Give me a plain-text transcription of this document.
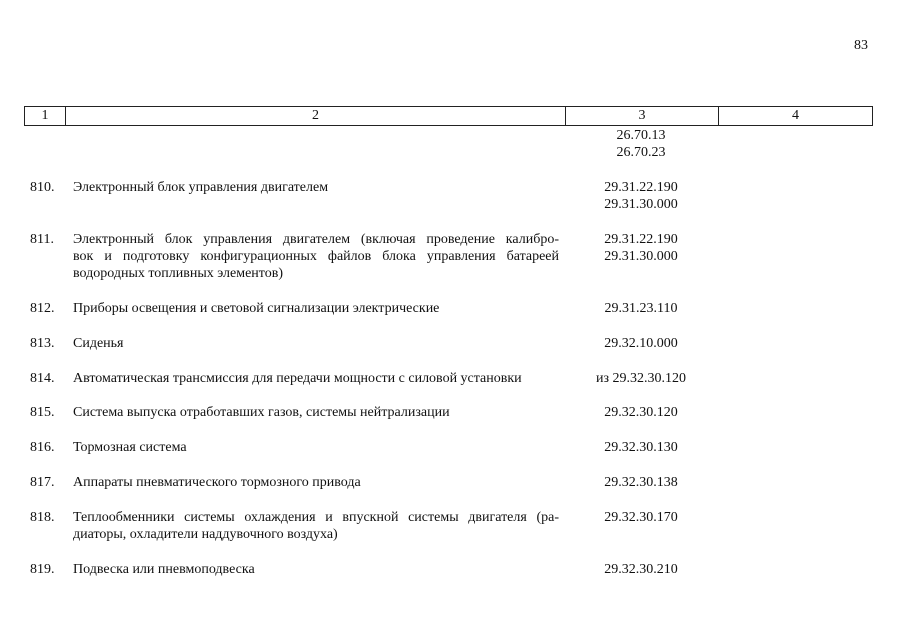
83
1	2	3	4
26.70.13
26.70.23
810.	Электронный блок управления двигателем	29.31.22.190
29.31.30.000
811.	Электронный блок управления двигателем (включая проведение калибро-
вок и подготовку конфигурационных файлов блока управления батареей
водородных топливных элементов)
29.31.22.190
29.31.30.000
812.	Приборы освещения и световой сигнализации электрические	29.31.23.110
813.	Сиденья	29.32.10.000
814.	Автоматическая трансмиссия для передачи мощности с силовой установки	из 29.32.30.120
815.	Система выпуска отработавших газов, системы нейтрализации	29.32.30.120
816.	Тормозная система	29.32.30.130
817.	Аппараты пневматического тормозного привода	29.32.30.138
818.	Теплообменники системы охлаждения и впускной системы двигателя (ра-
диаторы, охладители наддувочного воздуха)
29.32.30.170
819.	Подвеска или пневмоподвеска	29.32.30.210
